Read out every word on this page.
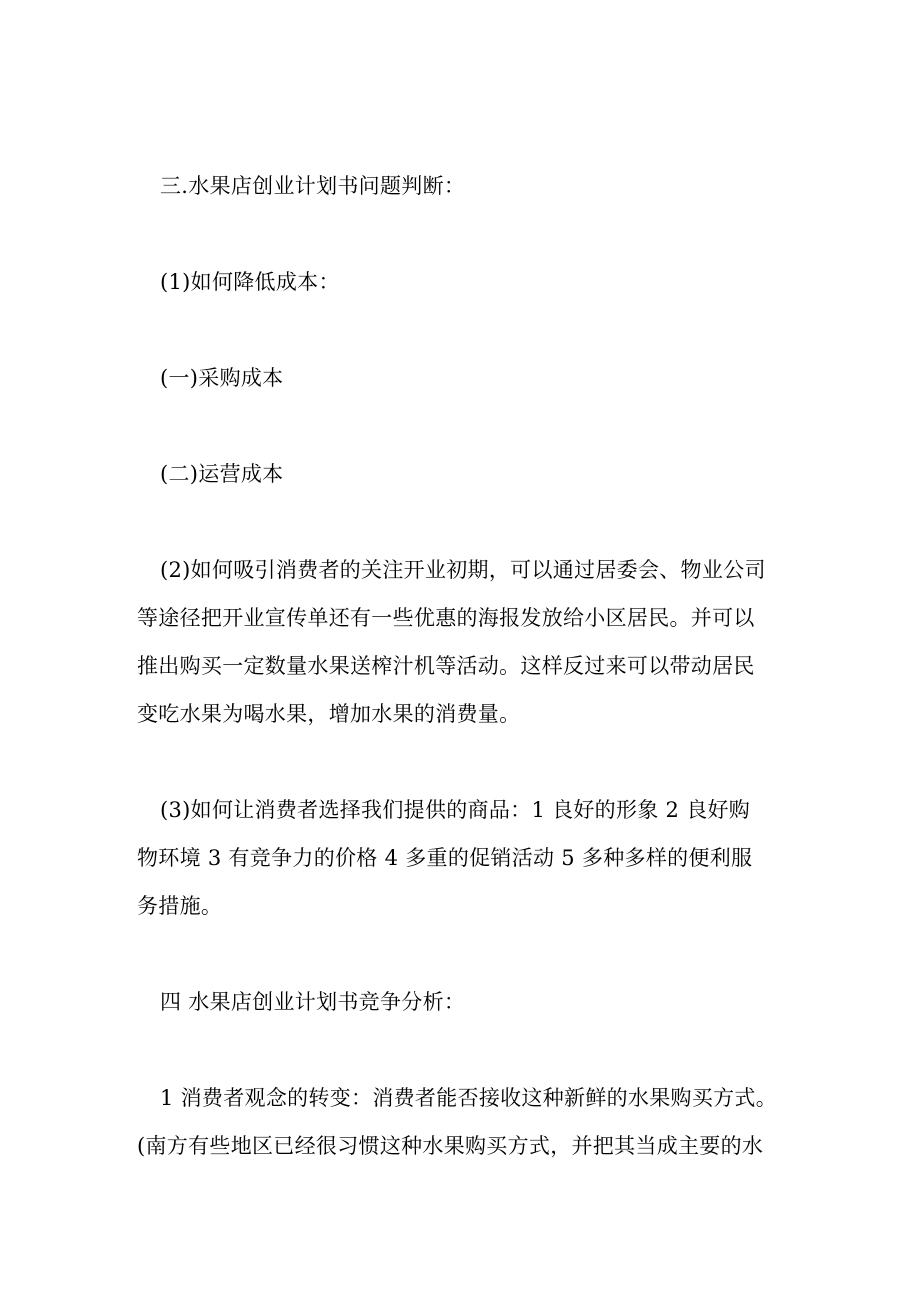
三.水果店创业计划书问题判断：
(1)如何降低成本：
(一)采购成本
(二)运营成本
(2)如何吸引消费者的关注开业初期，可以通过居委会、物业公司
等途径把开业宣传单还有一些优惠的海报发放给小区居民。并可以
推出购买一定数量水果送榨汁机等活动。这样反过来可以带动居民
变吃水果为喝水果，增加水果的消费量。
(3)如何让消费者选择我们提供的商品：1 良好的形象 2 良好购
物环境 3 有竞争力的价格 4 多重的促销活动 5 多种多样的便利服
务措施。
四 水果店创业计划书竞争分析：
1 消费者观念的转变：消费者能否接收这种新鲜的水果购买方式。
(南方有些地区已经很习惯这种水果购买方式，并把其当成主要的水
